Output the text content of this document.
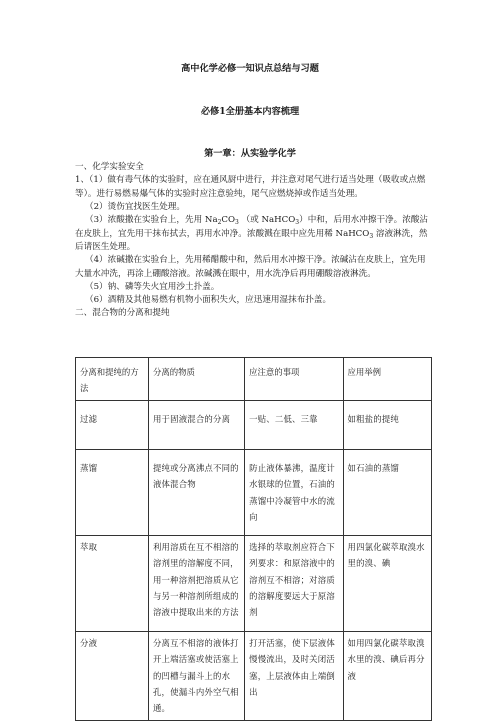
高中化学必修一知识点总结与习题
必修1全册基本内容梳理
第一章：从实验学化学

一、化学实验安全

1、（1）做有毒气体的实验时，应在通风厨中进行，并注意对尾气进行适当处理（吸收或点燃等）。进行易燃易爆气体的实验时应注意验纯，尾气应燃烧掉或作适当处理。

（2）烫伤宜找医生处理。

（3）浓酸撒在实验台上，先用 $Na_2CO_3$ （或 NaHCO$_3$）中和，后用水冲擦干净。浓酸沾在皮肤上，宜先用干抹布拭去，再用水冲净。浓酸溅在眼中应先用稀 NaHCO$_3$ 溶液淋洗，然后请医生处理。

（4）浓碱撒在实验台上，先用稀醋酸中和，然后用水冲擦干净。浓碱沾在皮肤上，宜先用大量水冲洗，再涂上硼酸溶液。浓碱溅在眼中，用水洗净后再用硼酸溶液淋洗。

（5）钠、磷等失火宜用沙土扑盖。

（6）酒精及其他易燃有机物小面积失火，应迅速用湿抹布扑盖。

二、混合物的分离和提纯

分离和提纯的方法	分离的物质	应注意的事项	应用举例
过滤	用于固液混合的分离	一贴、二低、三靠	如粗盐的提纯
蒸馏	提纯或分离沸点不同的液体混合物	防止液体暴沸，温度计水银球的位置，石油的蒸馏中冷凝管中水的流向	如石油的蒸馏
萃取	利用溶质在互不相溶的溶剂里的溶解度不同，用一种溶剂把溶质从它与另一种溶剂所组成的溶液中提取出来的方法	选择的萃取剂应符合下列要求：和原溶液中的溶剂互不相溶；对溶质的溶解度要远大于原溶剂	用四氯化碳萃取溴水里的溴、碘
分液	分离互不相溶的液体打开上端活塞或使活塞上的凹槽与漏斗上的水孔，使漏斗内外空气相通。	打开活塞，使下层液体慢慢流出，及时关闭活塞，上层液体由上端倒出	如用四氯化碳萃取溴水里的溴、碘后再分液
